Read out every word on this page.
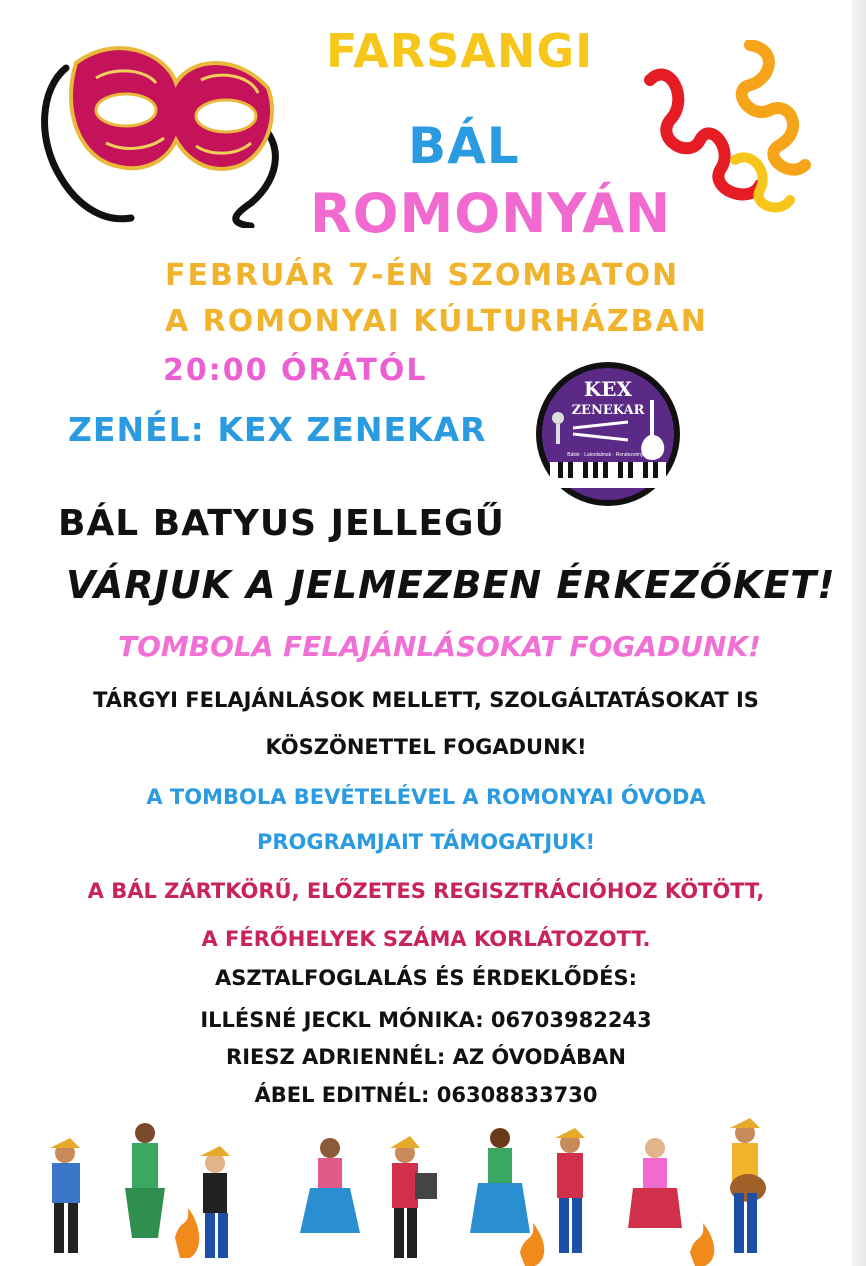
FARSANGI
BÁL
ROMONYÁN
FEBRUÁR 7-ÉN SZOMBATON
A ROMONYAI KÚLTURHÁZBAN
20:00 ÓRÁTÓL
ZENÉL: KEX ZENEKAR
KEX
ZENEKAR
Bálok · Lakodalmak · Rendezvények
BÁL BATYUS JELLEGŰ
VÁRJUK A JELMEZBEN ÉRKEZŐKET!
TOMBOLA FELAJÁNLÁSOKAT FOGADUNK!
TÁRGYI FELAJÁNLÁSOK MELLETT, SZOLGÁLTATÁSOKAT IS
KÖSZÖNETTEL FOGADUNK!
A TOMBOLA BEVÉTELÉVEL A ROMONYAI ÓVODA
PROGRAMJAIT TÁMOGATJUK!
A BÁL ZÁRTKÖRŰ, ELŐZETES REGISZTRÁCIÓHOZ KÖTÖTT,
A FÉRŐHELYEK SZÁMA KORLÁTOZOTT.
ASZTALFOGLALÁS ÉS ÉRDEKLŐDÉS:
ILLÉSNÉ JECKL MÓNIKA: 06703982243
RIESZ ADRIENNÉL: AZ ÓVODÁBAN
ÁBEL EDITNÉL: 06308833730
